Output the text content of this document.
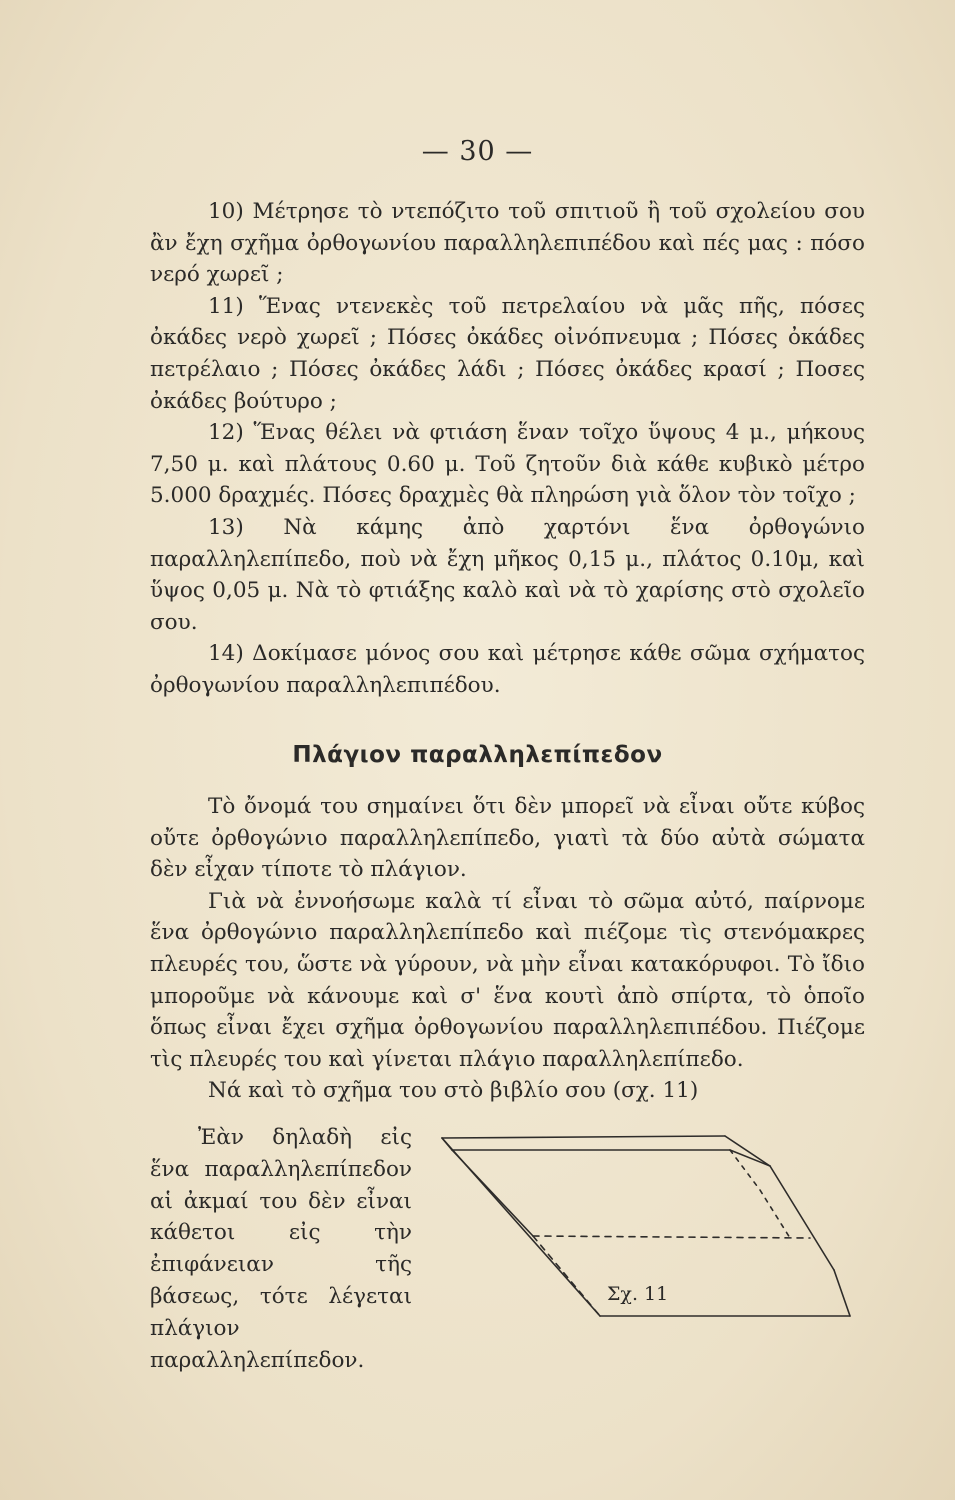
— 30 —

10) Μέτρησε τὸ ντεπόζιτο τοῦ σπιτιοῦ ἢ τοῦ σχολείου σου ἂν ἔχη σχῆμα ὀρθογωνίου παραλληλεπιπέδου καὶ πές μας : πόσο νερό χωρεῖ ;

11) Ἕνας ντενεκὲς τοῦ πετρελαίου νὰ μᾶς πῆς, πόσες ὀκάδες νερὸ χωρεῖ ; Πόσες ὀκάδες οἰνόπνευμα ; Πόσες ὀκάδες πετρέλαιο ; Πόσες ὀκάδες λάδι ; Πόσες ὀκάδες κρασί ; Ποσες ὀκάδες βούτυρο ;

12) Ἕνας θέλει νὰ φτιάση ἕναν τοῖχο ὕψους 4 μ., μήκους 7,50 μ. καὶ πλάτους 0.60 μ. Τοῦ ζητοῦν διὰ κάθε κυβικὸ μέτρο 5.000 δραχμές. Πόσες δραχμὲς θὰ πληρώση γιὰ ὅλον τὸν τοῖχο ;

13) Νὰ κάμης ἀπὸ χαρτόνι ἕνα ὀρθογώνιο παραλληλεπίπεδο, ποὺ νὰ ἔχη μῆκος 0,15 μ., πλάτος 0.10μ, καὶ ὕψος 0,05 μ. Νὰ τὸ φτιάξης καλὸ καὶ νὰ τὸ χαρίσης στὸ σχολεῖο σου.

14) Δοκίμασε μόνος σου καὶ μέτρησε κάθε σῶμα σχήματος ὀρθογωνίου παραλληλεπιπέδου.

Πλάγιον παραλληλεπίπεδον

Τὸ ὄνομά του σημαίνει ὅτι δὲν μπορεῖ νὰ εἶναι οὔτε κύβος οὔτε ὀρθογώνιο παραλληλεπίπεδο, γιατὶ τὰ δύο αὐτὰ σώματα δὲν εἶχαν τίποτε τὸ πλάγιον.

Γιὰ νὰ ἐννοήσωμε καλὰ τί εἶναι τὸ σῶμα αὐτό, παίρνομε ἕνα ὀρθογώνιο παραλληλεπίπεδο καὶ πιέζομε τὶς στενόμακρες πλευρές του, ὥστε νὰ γύρουν, νὰ μὴν εἶναι κατακόρυφοι. Τὸ ἴδιο μποροῦμε νὰ κάνουμε καὶ σ' ἕνα κουτὶ ἀπὸ σπίρτα, τὸ ὁποῖο ὅπως εἶναι ἔχει σχῆμα ὀρθογωνίου παραλληλεπιπέδου. Πιέζομε τὶς πλευρές του καὶ γίνεται πλάγιο παραλληλεπίπεδο.

Νά καὶ τὸ σχῆμα του στὸ βιβλίο σου (σχ. 11)

Ἐὰν δηλαδὴ εἰς ἕνα παραλληλεπίπεδον αἱ ἀκμαί του δὲν εἶναι κάθετοι εἰς τὴν ἐπιφάνειαν τῆς βάσεως, τότε λέγεται πλάγιον παραλληλεπίπεδον.

Σχ. 11
